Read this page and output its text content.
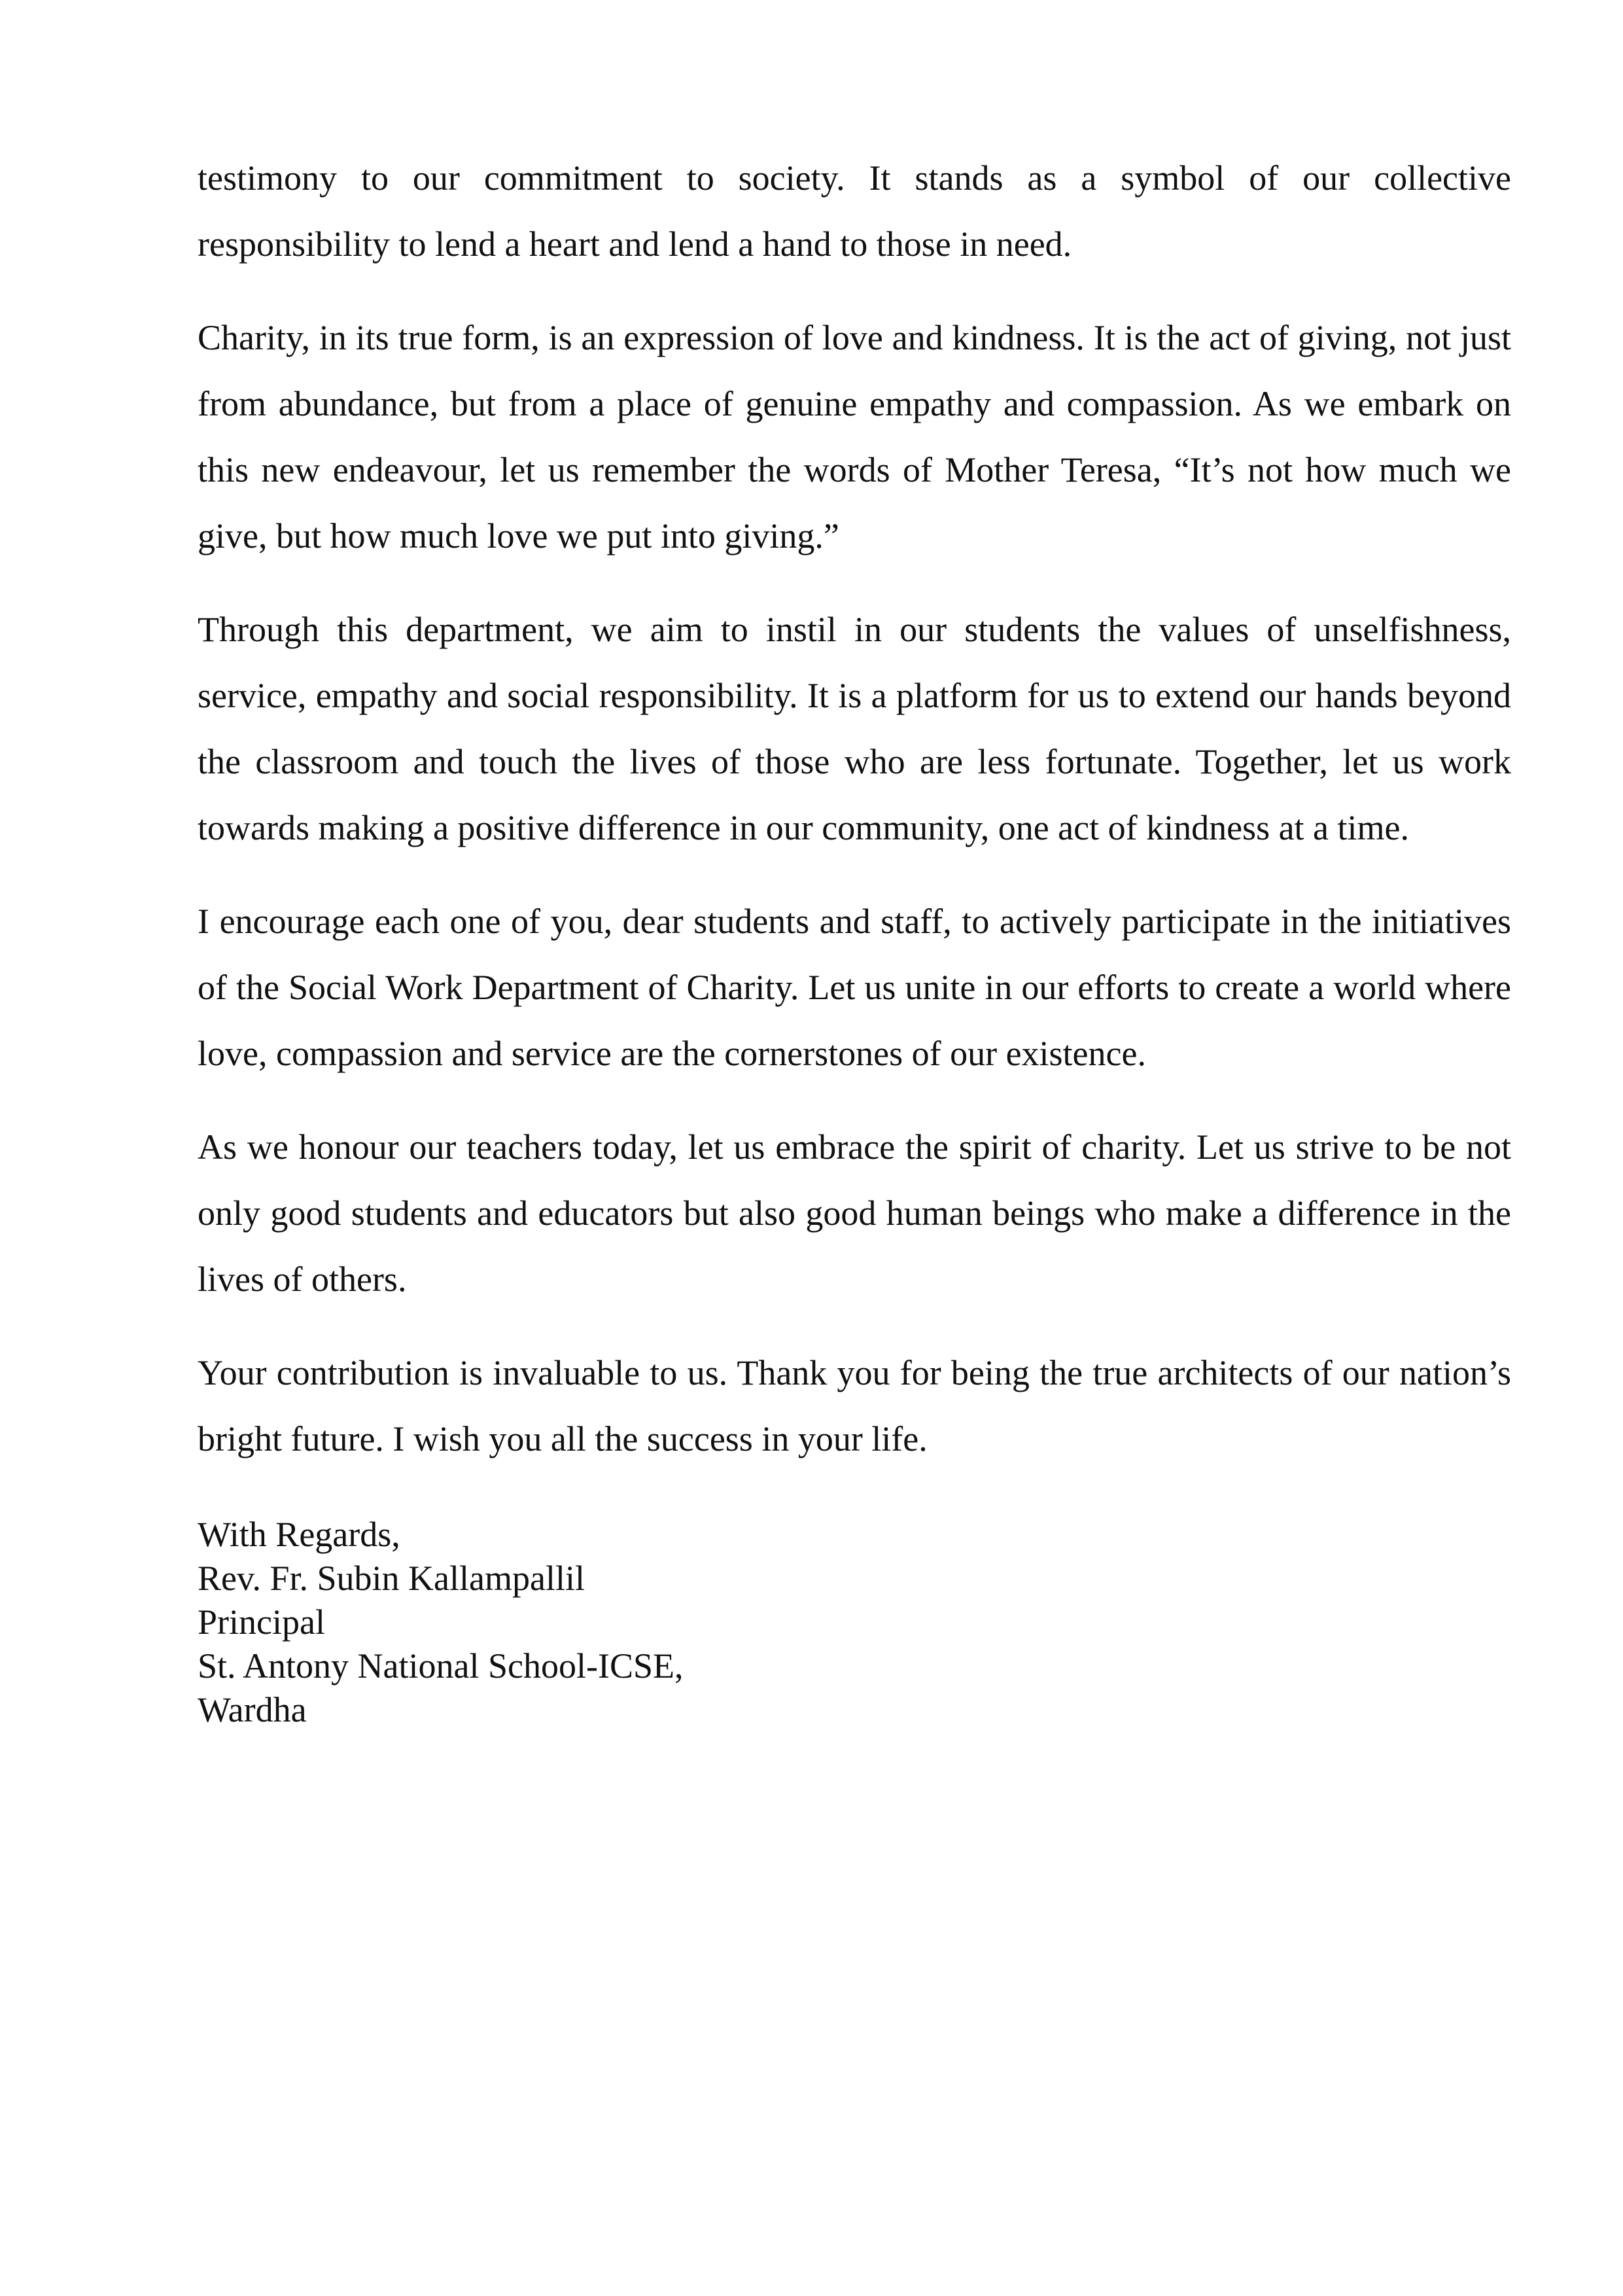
testimony to our commitment to society. It stands as a symbol of our collective responsibility to lend a heart and lend a hand to those in need.

Charity, in its true form, is an expression of love and kindness. It is the act of giving, not just from abundance, but from a place of genuine empathy and compassion. As we embark on this new endeavour, let us remember the words of Mother Teresa, “It’s not how much we give, but how much love we put into giving.”

Through this department, we aim to instil in our students the values of unselfishness, service, empathy and social responsibility. It is a platform for us to extend our hands beyond the classroom and touch the lives of those who are less fortunate. Together, let us work towards making a positive difference in our community, one act of kindness at a time.

I encourage each one of you, dear students and staff, to actively participate in the initiatives of the Social Work Department of Charity. Let us unite in our efforts to create a world where love, compassion and service are the cornerstones of our existence.

As we honour our teachers today, let us embrace the spirit of charity. Let us strive to be not only good students and educators but also good human beings who make a difference in the lives of others.

Your contribution is invaluable to us. Thank you for being the true architects of our nation’s bright future. I wish you all the success in your life.

With Regards,
Rev. Fr. Subin Kallampallil
Principal
St. Antony National School-ICSE,
Wardha
